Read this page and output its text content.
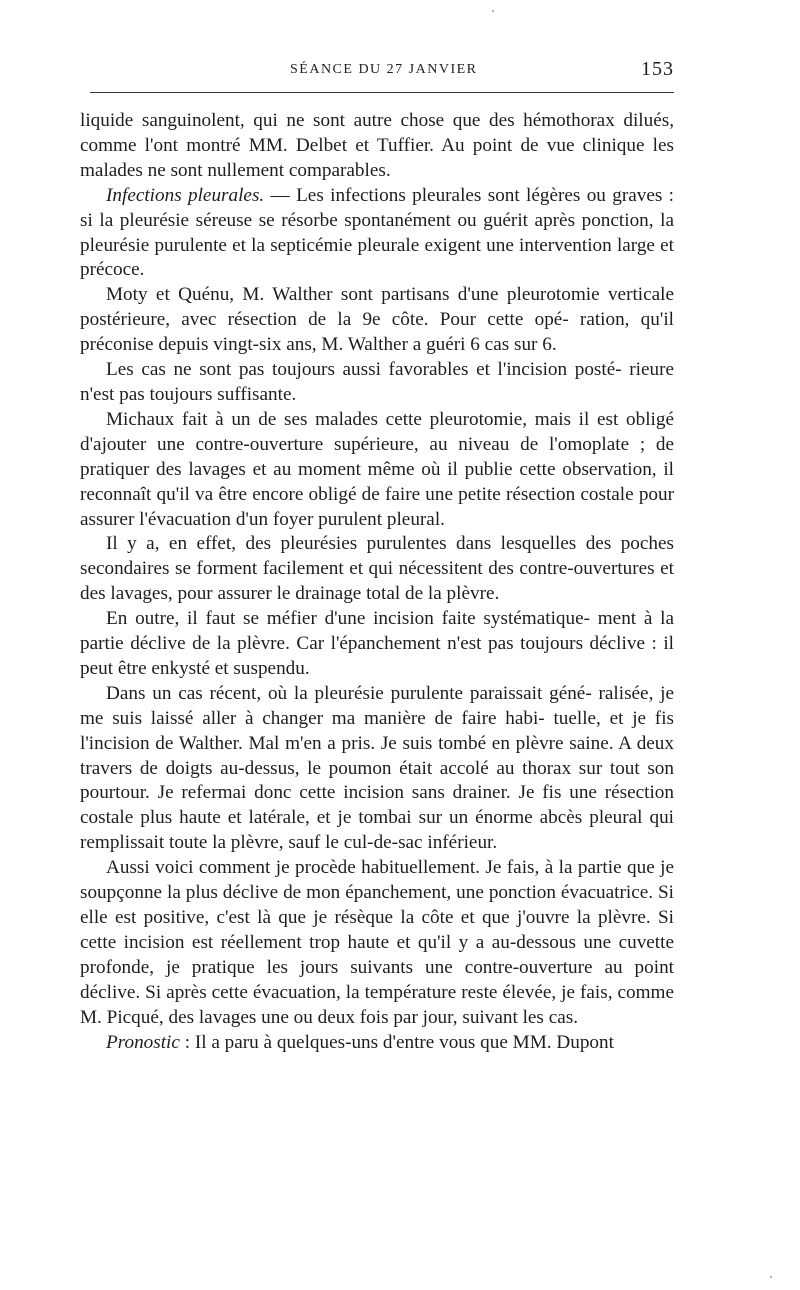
SÉANCE DU 27 JANVIER	153

liquide sanguinolent, qui ne sont autre chose que des hémothorax dilués, comme l'ont montré MM. Delbet et Tuffier. Au point de vue clinique les malades ne sont nullement comparables.

Infections pleurales. — Les infections pleurales sont légères ou graves : si la pleurésie séreuse se résorbe spontanément ou guérit après ponction, la pleurésie purulente et la septicémie pleurale exigent une intervention large et précoce.

Moty et Quénu, M. Walther sont partisans d'une pleurotomie verticale postérieure, avec résection de la 9e côte. Pour cette opé- ration, qu'il préconise depuis vingt-six ans, M. Walther a guéri 6 cas sur 6.

Les cas ne sont pas toujours aussi favorables et l'incision posté- rieure n'est pas toujours suffisante.

Michaux fait à un de ses malades cette pleurotomie, mais il est obligé d'ajouter une contre-ouverture supérieure, au niveau de l'omoplate ; de pratiquer des lavages et au moment même où il publie cette observation, il reconnaît qu'il va être encore obligé de faire une petite résection costale pour assurer l'évacuation d'un foyer purulent pleural.

Il y a, en effet, des pleurésies purulentes dans lesquelles des poches secondaires se forment facilement et qui nécessitent des contre-ouvertures et des lavages, pour assurer le drainage total de la plèvre.

En outre, il faut se méfier d'une incision faite systématique- ment à la partie déclive de la plèvre. Car l'épanchement n'est pas toujours déclive : il peut être enkysté et suspendu.

Dans un cas récent, où la pleurésie purulente paraissait géné- ralisée, je me suis laissé aller à changer ma manière de faire habi- tuelle, et je fis l'incision de Walther. Mal m'en a pris. Je suis tombé en plèvre saine. A deux travers de doigts au-dessus, le poumon était accolé au thorax sur tout son pourtour. Je refermai donc cette incision sans drainer. Je fis une résection costale plus haute et latérale, et je tombai sur un énorme abcès pleural qui remplissait toute la plèvre, sauf le cul-de-sac inférieur.

Aussi voici comment je procède habituellement. Je fais, à la partie que je soupçonne la plus déclive de mon épanchement, une ponction évacuatrice. Si elle est positive, c'est là que je résèque la côte et que j'ouvre la plèvre. Si cette incision est réellement trop haute et qu'il y a au-dessous une cuvette profonde, je pratique les jours suivants une contre-ouverture au point déclive. Si après cette évacuation, la température reste élevée, je fais, comme M. Picqué, des lavages une ou deux fois par jour, suivant les cas.

Pronostic : Il a paru à quelques-uns d'entre vous que MM. Dupont
